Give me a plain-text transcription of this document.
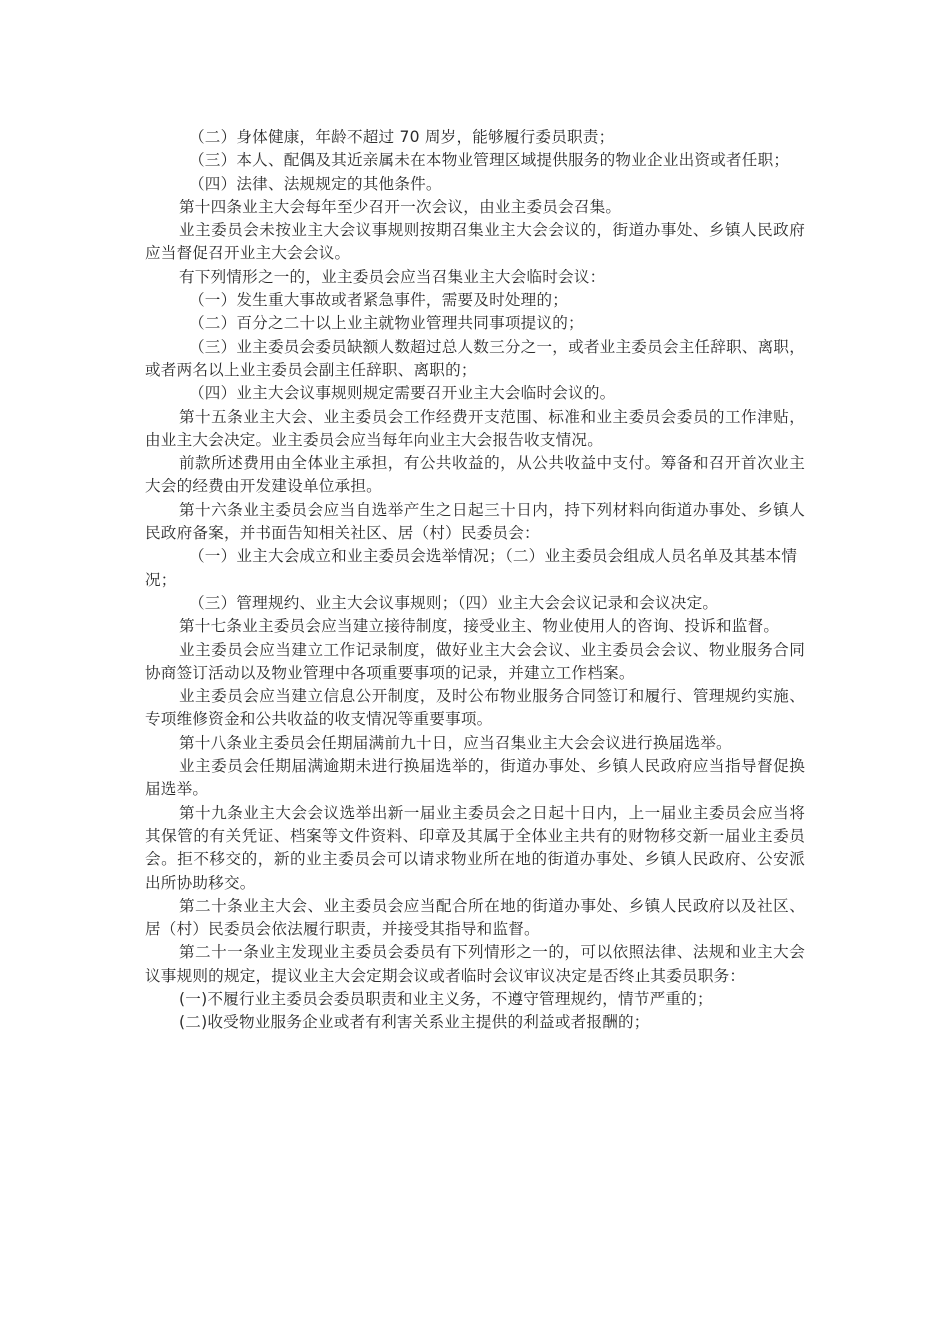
（二）身体健康，年龄不超过 70 周岁，能够履行委员职责；

（三）本人、配偶及其近亲属未在本物业管理区域提供服务的物业企业出资或者任职；

（四）法律、法规规定的其他条件。

第十四条业主大会每年至少召开一次会议，由业主委员会召集。

业主委员会未按业主大会议事规则按期召集业主大会会议的，街道办事处、乡镇人民政府应当督促召开业主大会会议。

有下列情形之一的，业主委员会应当召集业主大会临时会议：

（一）发生重大事故或者紧急事件，需要及时处理的；

（二）百分之二十以上业主就物业管理共同事项提议的；

（三）业主委员会委员缺额人数超过总人数三分之一，或者业主委员会主任辞职、离职，或者两名以上业主委员会副主任辞职、离职的；

（四）业主大会议事规则规定需要召开业主大会临时会议的。

第十五条业主大会、业主委员会工作经费开支范围、标准和业主委员会委员的工作津贴，由业主大会决定。业主委员会应当每年向业主大会报告收支情况。

前款所述费用由全体业主承担，有公共收益的，从公共收益中支付。筹备和召开首次业主大会的经费由开发建设单位承担。

第十六条业主委员会应当自选举产生之日起三十日内，持下列材料向街道办事处、乡镇人民政府备案，并书面告知相关社区、居（村）民委员会：

（一）业主大会成立和业主委员会选举情况；（二）业主委员会组成人员名单及其基本情

况；

（三）管理规约、业主大会议事规则；（四）业主大会会议记录和会议决定。

第十七条业主委员会应当建立接待制度，接受业主、物业使用人的咨询、投诉和监督。

业主委员会应当建立工作记录制度，做好业主大会会议、业主委员会会议、物业服务合同协商签订活动以及物业管理中各项重要事项的记录，并建立工作档案。

业主委员会应当建立信息公开制度，及时公布物业服务合同签订和履行、管理规约实施、专项维修资金和公共收益的收支情况等重要事项。

第十八条业主委员会任期届满前九十日，应当召集业主大会会议进行换届选举。

业主委员会任期届满逾期未进行换届选举的，街道办事处、乡镇人民政府应当指导督促换届选举。

第十九条业主大会会议选举出新一届业主委员会之日起十日内，上一届业主委员会应当将其保管的有关凭证、档案等文件资料、印章及其属于全体业主共有的财物移交新一届业主委员会。拒不移交的，新的业主委员会可以请求物业所在地的街道办事处、乡镇人民政府、公安派出所协助移交。

第二十条业主大会、业主委员会应当配合所在地的街道办事处、乡镇人民政府以及社区、居（村）民委员会依法履行职责，并接受其指导和监督。

第二十一条业主发现业主委员会委员有下列情形之一的，可以依照法律、法规和业主大会议事规则的规定，提议业主大会定期会议或者临时会议审议决定是否终止其委员职务：

(一)不履行业主委员会委员职责和业主义务，不遵守管理规约，情节严重的；

(二)收受物业服务企业或者有利害关系业主提供的利益或者报酬的；
